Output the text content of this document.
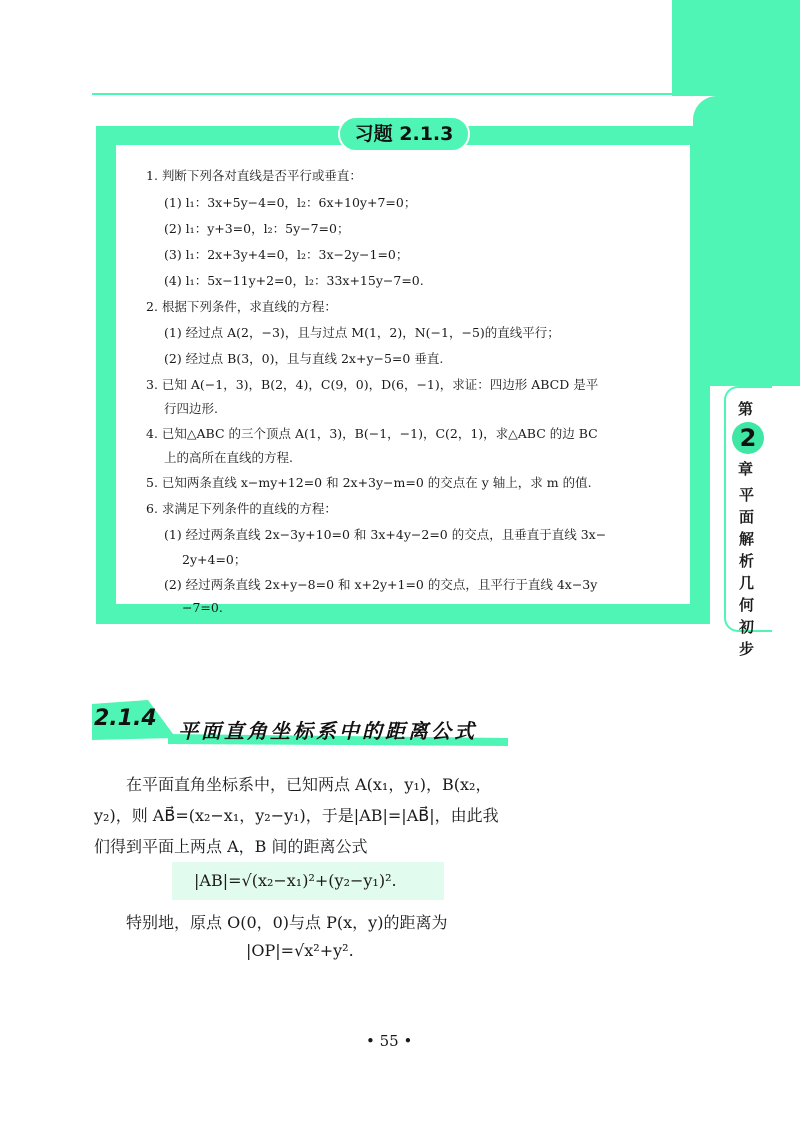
第
2
章
平面解析几何初步
习题 2.1.3
1. 判断下列各对直线是否平行或垂直：
(1) l₁：3x+5y−4=0，l₂：6x+10y+7=0；
(2) l₁：y+3=0，l₂：5y−7=0；
(3) l₁：2x+3y+4=0，l₂：3x−2y−1=0；
(4) l₁：5x−11y+2=0，l₂：33x+15y−7=0.
2. 根据下列条件，求直线的方程：
(1) 经过点 A(2，−3)，且与过点 M(1，2)，N(−1，−5)的直线平行；
(2) 经过点 B(3，0)，且与直线 2x+y−5=0 垂直.
3. 已知 A(−1，3)，B(2，4)，C(9，0)，D(6，−1)，求证：四边形 ABCD 是平
行四边形.
4. 已知△ABC 的三个顶点 A(1，3)，B(−1，−1)，C(2，1)，求△ABC 的边 BC
上的高所在直线的方程.
5. 已知两条直线 x−my+12=0 和 2x+3y−m=0 的交点在 y 轴上，求 m 的值.
6. 求满足下列条件的直线的方程：
(1) 经过两条直线 2x−3y+10=0 和 3x+4y−2=0 的交点，且垂直于直线 3x−
2y+4=0；
(2) 经过两条直线 2x+y−8=0 和 x+2y+1=0 的交点，且平行于直线 4x−3y
−7=0.
2.1.4 平面直角坐标系中的距离公式
在平面直角坐标系中，已知两点 A(x₁，y₁)，B(x₂，
y₂)，则 AB⃗=(x₂−x₁，y₂−y₁)，于是|AB|=|AB⃗|，由此我
们得到平面上两点 A，B 间的距离公式
|AB|=√(x₂−x₁)²+(y₂−y₁)².
特别地，原点 O(0，0)与点 P(x，y)的距离为
|OP|=√x²+y².
• 55 •
